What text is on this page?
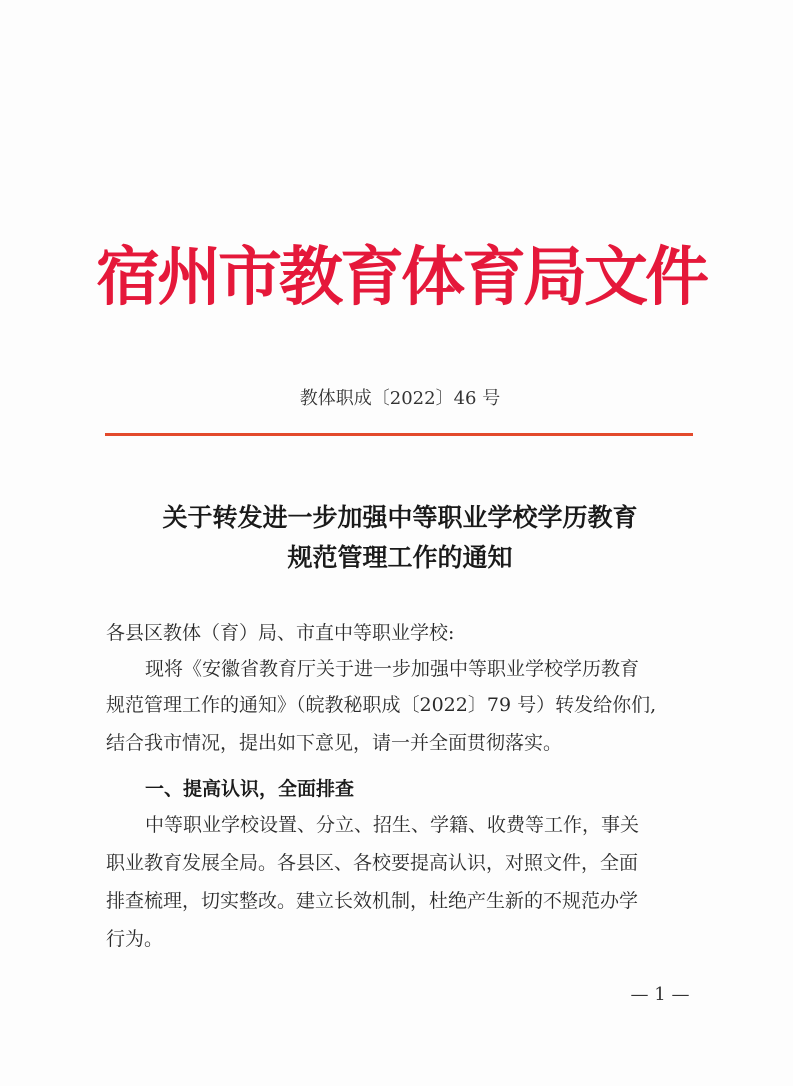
宿州市教育体育局文件
教体职成〔2022〕46 号
关于转发进一步加强中等职业学校学历教育
规范管理工作的通知
各县区教体（育）局、市直中等职业学校:
现将《安徽省教育厅关于进一步加强中等职业学校学历教育
规范管理工作的通知》（皖教秘职成〔2022〕79 号）转发给你们,
结合我市情况，提出如下意见，请一并全面贯彻落实。
一、提高认识，全面排查
中等职业学校设置、分立、招生、学籍、收费等工作，事关
职业教育发展全局。各县区、各校要提高认识，对照文件，全面
排查梳理，切实整改。建立长效机制，杜绝产生新的不规范办学
行为。
— 1 —
